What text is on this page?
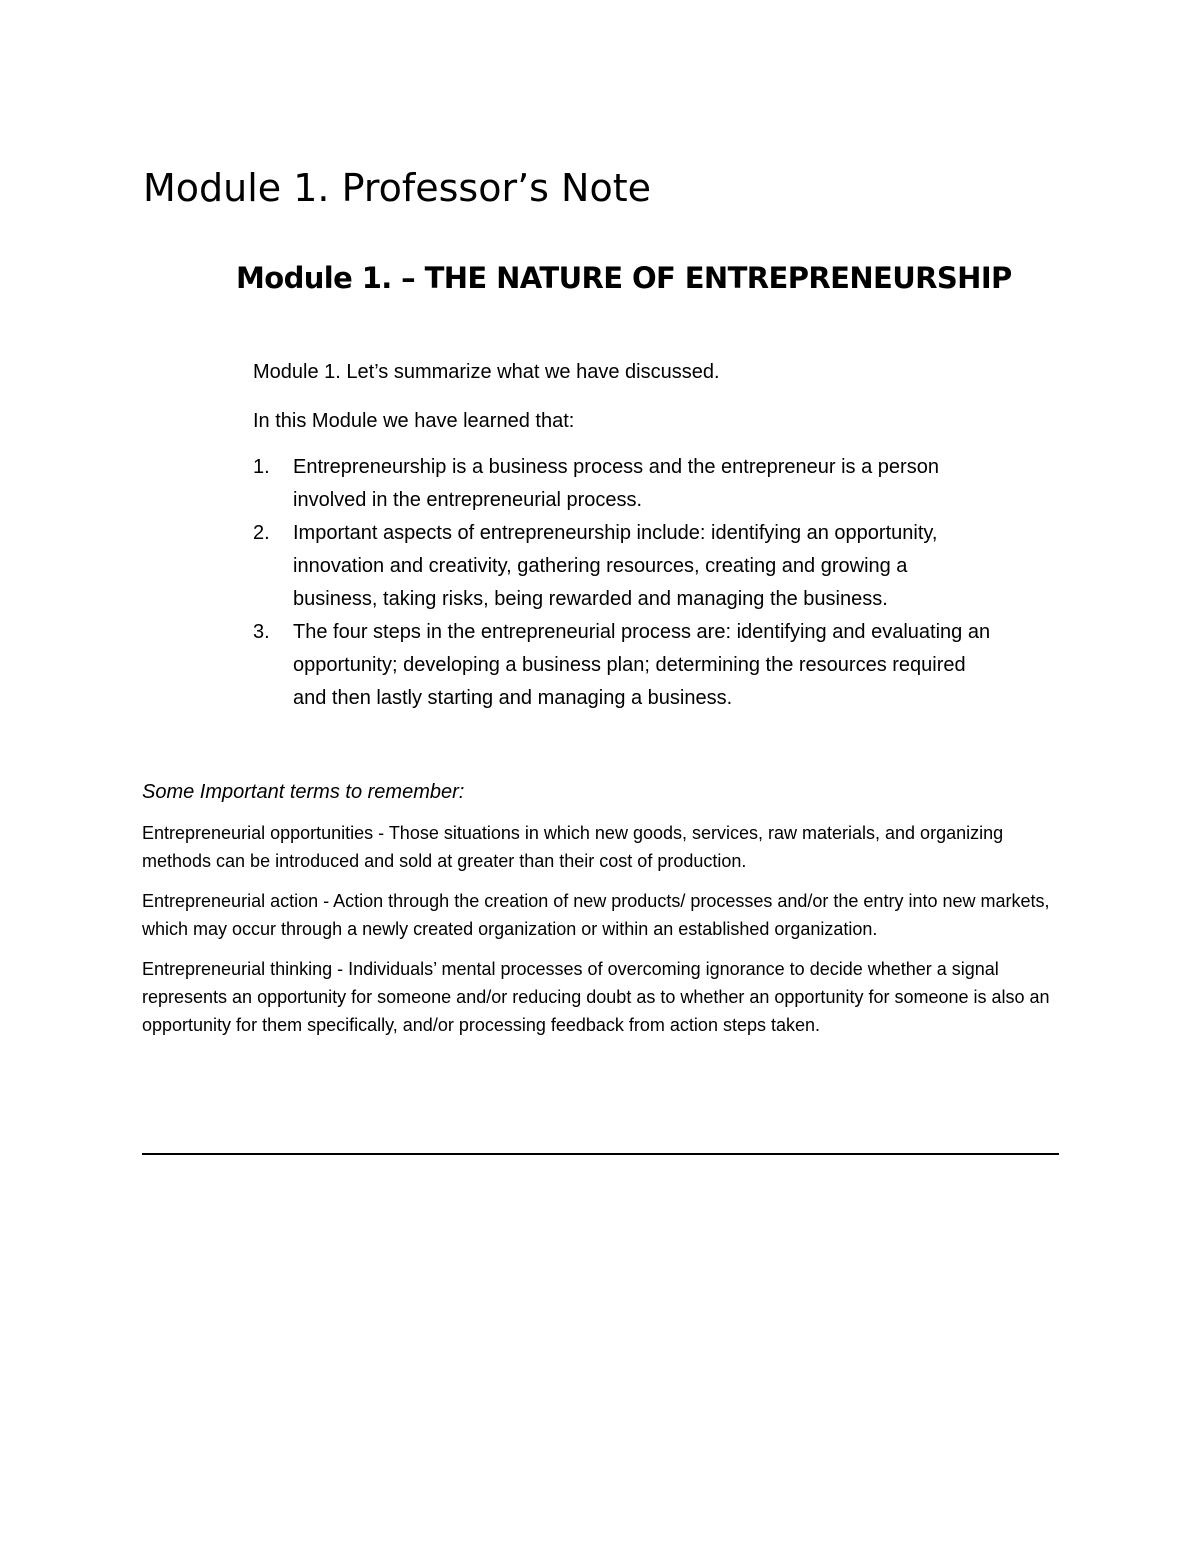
Module 1. Professor’s Note
Module 1. – THE NATURE OF ENTREPRENEURSHIP

Module 1. Let’s summarize what we have discussed.

In this Module we have learned that:

1. Entrepreneurship is a business process and the entrepreneur is a person involved in the entrepreneurial process.
2. Important aspects of entrepreneurship include: identifying an opportunity, innovation and creativity, gathering resources, creating and growing a business, taking risks, being rewarded and managing the business.
3. The four steps in the entrepreneurial process are: identifying and evaluating an opportunity; developing a business plan; determining the resources required and then lastly starting and managing a business.

Some Important terms to remember:

Entrepreneurial opportunities - Those situations in which new goods, services, raw materials, and organizing methods can be introduced and sold at greater than their cost of production.

Entrepreneurial action - Action through the creation of new products/ processes and/or the entry into new markets, which may occur through a newly created organization or within an established organization.

Entrepreneurial thinking - Individuals’ mental processes of overcoming ignorance to decide whether a signal represents an opportunity for someone and/or reducing doubt as to whether an opportunity for someone is also an opportunity for them specifically, and/or processing feedback from action steps taken.
